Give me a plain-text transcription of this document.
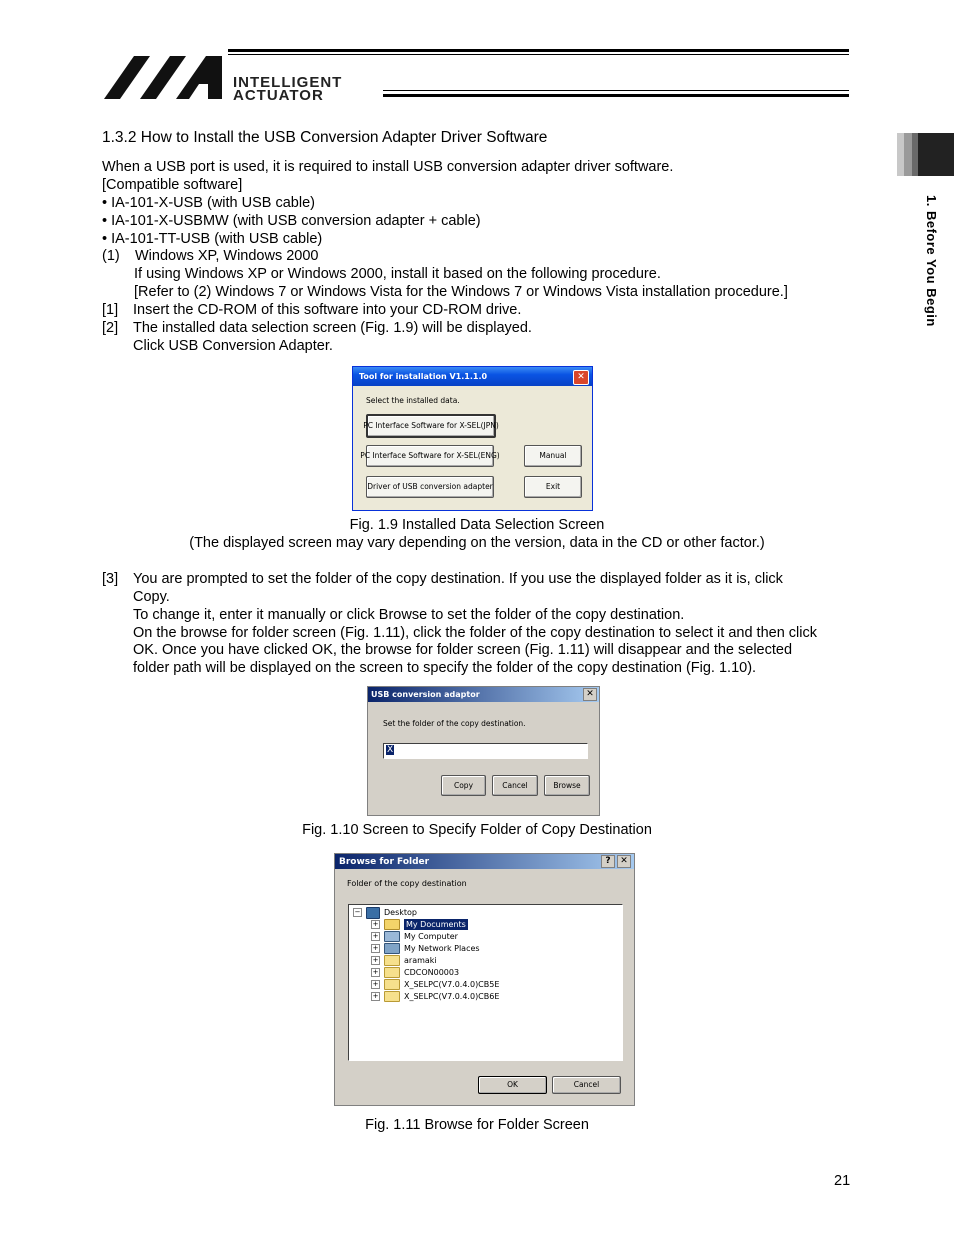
INTELLIGENT
ACTUATOR
1. Before You Begin
1.3.2 How to Install the USB Conversion Adapter Driver Software
When a USB port is used, it is required to install USB conversion adapter driver software.
[Compatible software]
• IA-101-X-USB (with USB cable)
• IA-101-X-USBMW (with USB conversion adapter + cable)
• IA-101-TT-USB (with USB cable)
(1) Windows XP, Windows 2000
If using Windows XP or Windows 2000, install it based on the following procedure.
[Refer to (2) Windows 7 or Windows Vista for the Windows 7 or Windows Vista installation procedure.]
[1] Insert the CD-ROM of this software into your CD-ROM drive.
[2] The installed data selection screen (Fig. 1.9) will be displayed.
Click USB Conversion Adapter.
Tool for installation V1.1.1.0	✕
Select the installed data.
PC Interface Software for X-SEL(JPN)
PC Interface Software for X-SEL(ENG)
Driver of USB conversion adapter
Manual
Exit
Fig. 1.9 Installed Data Selection Screen
(The displayed screen may vary depending on the version, data in the CD or other factor.)
[3] You are prompted to set the folder of the copy destination. If you use the displayed folder as it is, click
Copy.
To change it, enter it manually or click Browse to set the folder of the copy destination.
On the browse for folder screen (Fig. 1.11), click the folder of the copy destination to select it and then click
OK. Once you have clicked OK, the browse for folder screen (Fig. 1.11) will disappear and the selected
folder path will be displayed on the screen to specify the folder of the copy destination (Fig. 1.10).
USB conversion adaptor	✕
Set the folder of the copy destination.
X
Copy	Cancel	Browse
Fig. 1.10 Screen to Specify Folder of Copy Destination
Browse for Folder	?	✕
Folder of the copy destination
−	Desktop
+	My Documents
+	My Computer
+	My Network Places
+	aramaki
+	CDCON00003
+	X_SELPC(V7.0.4.0)CB5E
+	X_SELPC(V7.0.4.0)CB6E
OK	Cancel
Fig. 1.11 Browse for Folder Screen
21
